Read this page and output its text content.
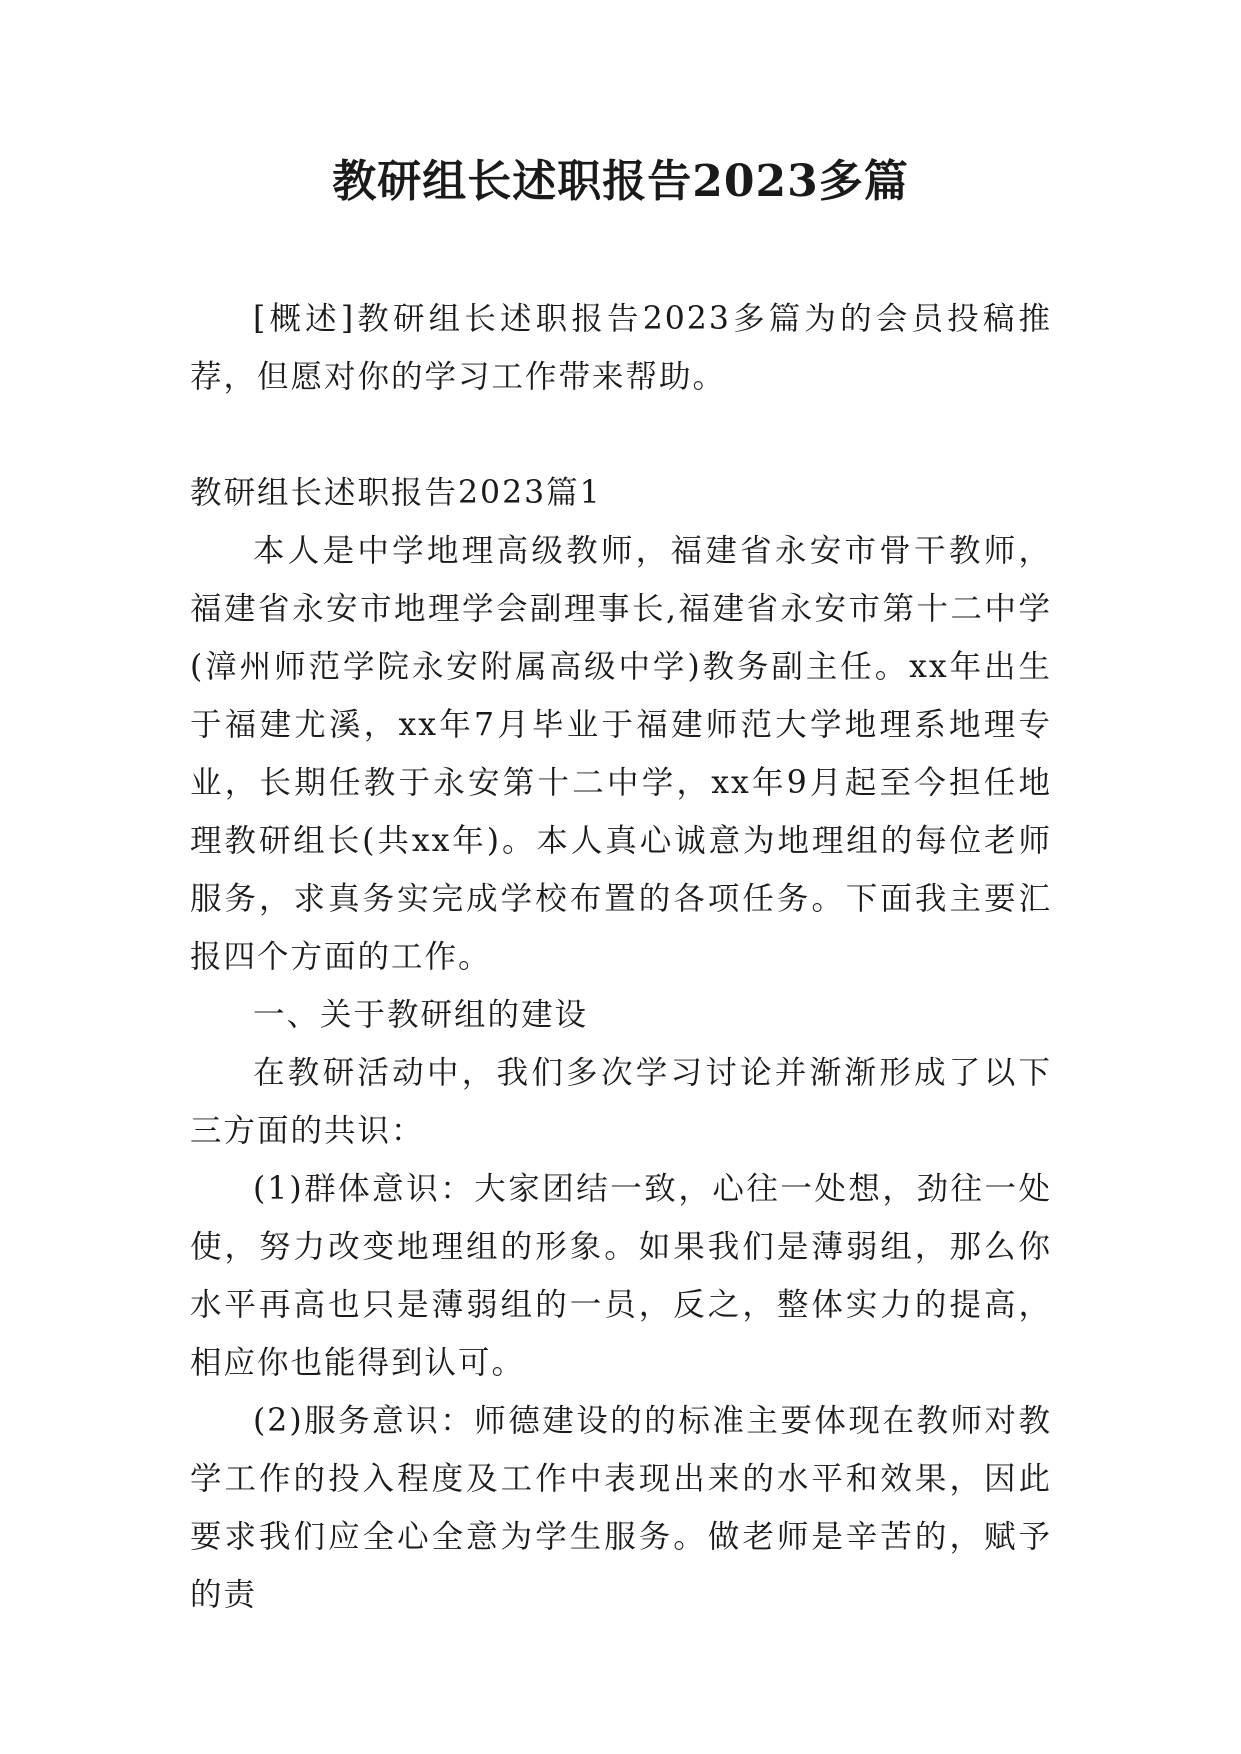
教研组长述职报告2023多篇

[概述]教研组长述职报告2023多篇为的会员投稿推荐，但愿对你的学习工作带来帮助。

教研组长述职报告2023篇1

本人是中学地理高级教师，福建省永安市骨干教师，福建省永安市地理学会副理事长,福建省永安市第十二中学(漳州师范学院永安附属高级中学)教务副主任。xx年出生于福建尤溪，xx年7月毕业于福建师范大学地理系地理专业，长期任教于永安第十二中学，xx年9月起至今担任地理教研组长(共xx年)。本人真心诚意为地理组的每位老师服务，求真务实完成学校布置的各项任务。下面我主要汇报四个方面的工作。

一、关于教研组的建设

在教研活动中，我们多次学习讨论并渐渐形成了以下三方面的共识：

(1)群体意识：大家团结一致，心往一处想，劲往一处使，努力改变地理组的形象。如果我们是薄弱组，那么你水平再高也只是薄弱组的一员，反之，整体实力的提高，相应你也能得到认可。

(2)服务意识：师德建设的的标准主要体现在教师对教学工作的投入程度及工作中表现出来的水平和效果，因此要求我们应全心全意为学生服务。做老师是辛苦的，赋予的责
